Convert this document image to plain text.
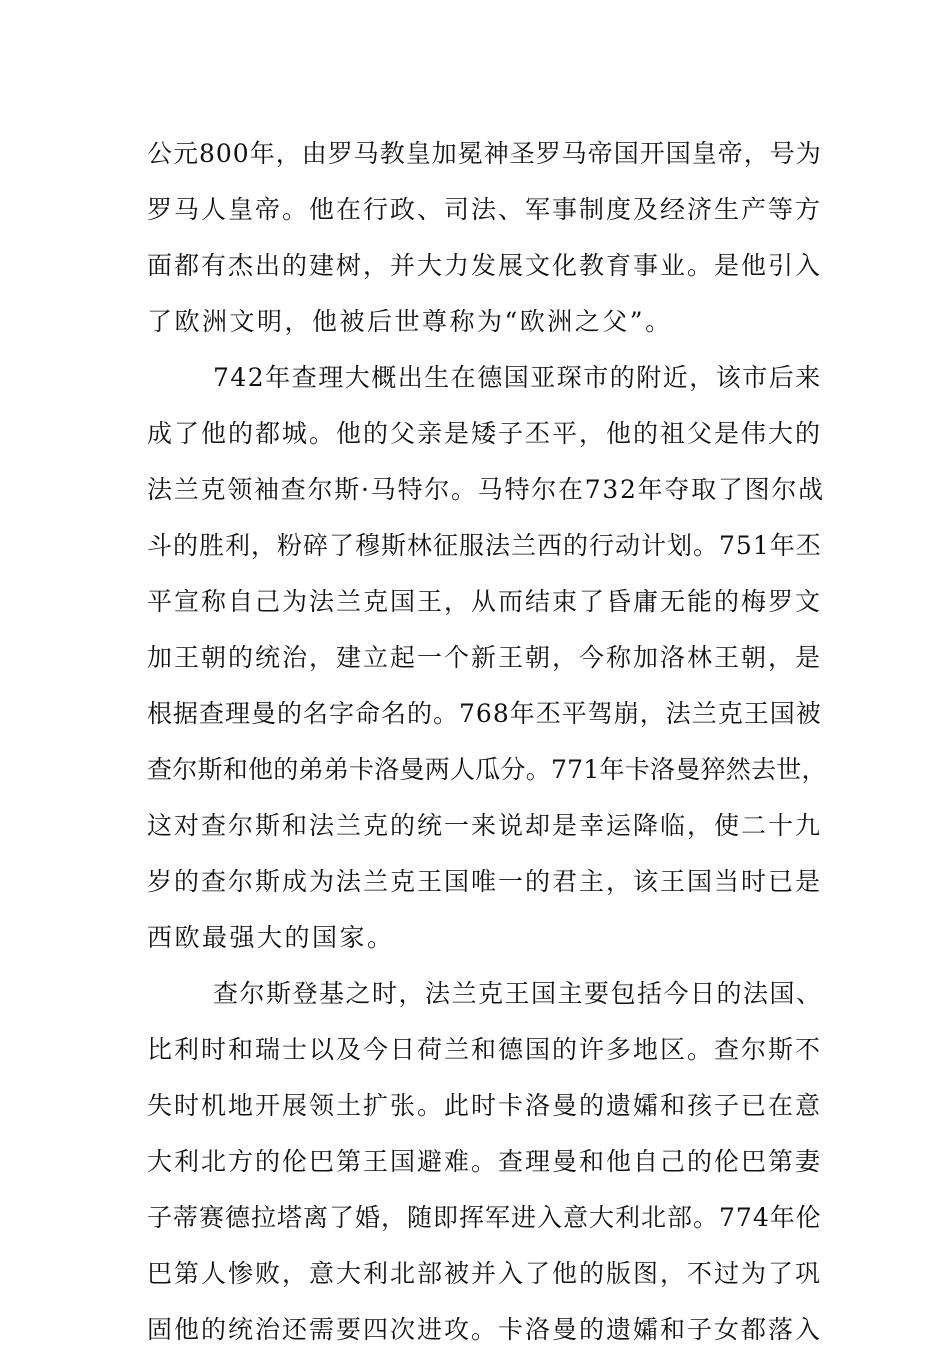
公元800年，由罗马教皇加冕神圣罗马帝国开国皇帝，号为
罗马人皇帝。他在行政、司法、军事制度及经济生产等方
面都有杰出的建树，并大力发展文化教育事业。是他引入
了欧洲文明，他被后世尊称为“欧洲之父”。
742年查理大概出生在德国亚琛市的附近，该市后来
成了他的都城。他的父亲是矮子丕平，他的祖父是伟大的
法兰克领袖查尔斯·马特尔。马特尔在732年夺取了图尔战
斗的胜利，粉碎了穆斯林征服法兰西的行动计划。751年丕
平宣称自己为法兰克国王，从而结束了昏庸无能的梅罗文
加王朝的统治，建立起一个新王朝，今称加洛林王朝，是
根据查理曼的名字命名的。768年丕平驾崩，法兰克王国被
查尔斯和他的弟弟卡洛曼两人瓜分。771年卡洛曼猝然去世，
这对查尔斯和法兰克的统一来说却是幸运降临，使二十九
岁的查尔斯成为法兰克王国唯一的君主，该王国当时已是
西欧最强大的国家。
查尔斯登基之时，法兰克王国主要包括今日的法国、
比利时和瑞士以及今日荷兰和德国的许多地区。查尔斯不
失时机地开展领土扩张。此时卡洛曼的遗孀和孩子已在意
大利北方的伦巴第王国避难。查理曼和他自己的伦巴第妻
子蒂赛德拉塔离了婚，随即挥军进入意大利北部。774年伦
巴第人惨败，意大利北部被并入了他的版图，不过为了巩
固他的统治还需要四次进攻。卡洛曼的遗孀和子女都落入
